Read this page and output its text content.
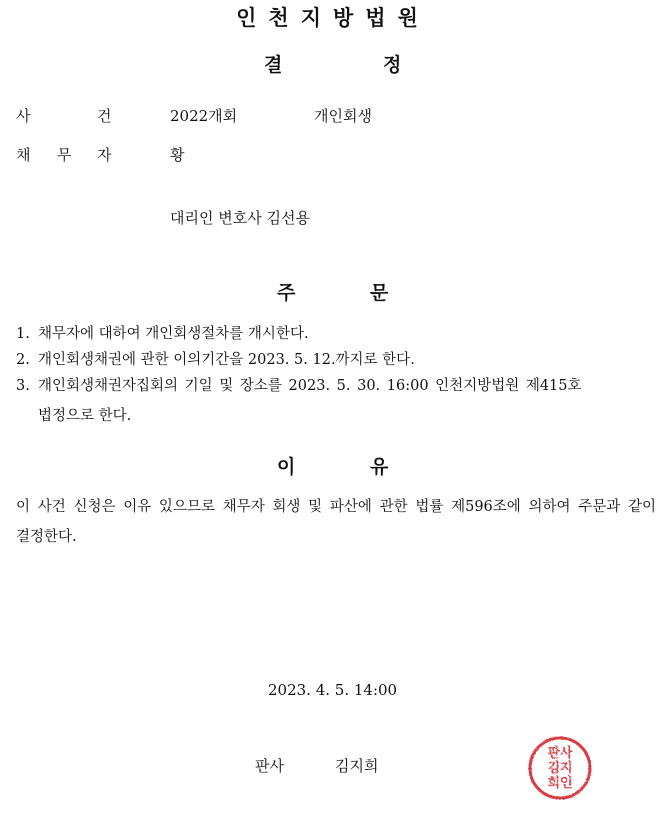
인천지방법원
결	정
사	건	2022개회	개인회생
채 무 자	황
대리인 변호사 김선용
주	문
1. 채무자에 대하여 개인회생절차를 개시한다.
2. 개인회생채권에 관한 이의기간을 2023. 5. 12.까지로 한다.
3. 개인회생채권자집회의 기일 및 장소를 2023. 5. 30. 16:00 인천지방법원 제415호
법정으로 한다.
이	유
이 사건 신청은 이유 있으므로 채무자 회생 및 파산에 관한 법률 제596조에 의하여 주문과 같이 결정한다.
2023. 4. 5. 14:00
판사	김지희
판사
김지
희인
